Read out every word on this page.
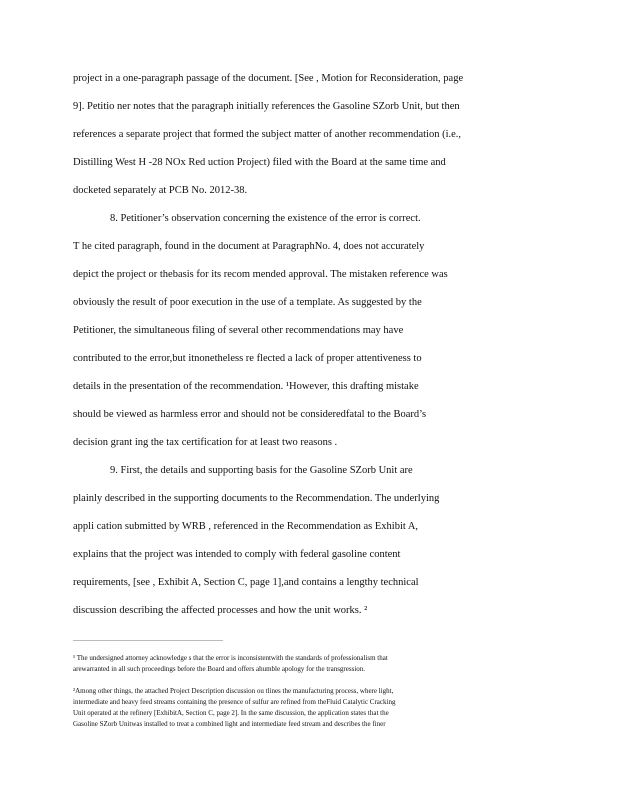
project in a one-paragraph passage of the document. [See , Motion for Reconsideration, page
9]. Petitio ner notes that the paragraph initially references the Gasoline SZorb Unit, but then
references a separate project that formed the subject matter of another recommendation (i.e.,
Distilling West H -28 NOx Red uction Project) filed with the Board at the same time and
docketed separately at PCB No. 2012-38.
8. Petitioner’s observation concerning the existence of the error is correct.
T he cited paragraph, found in the document at ParagraphNo. 4, does not accurately
depict the project or thebasis for its recom mended approval. The mistaken reference was
obviously the result of poor execution in the use of a template. As suggested by the
Petitioner, the simultaneous filing of several other recommendations may have
contributed to the error,but itnonetheless re flected a lack of proper attentiveness to
details in the presentation of the recommendation. ¹However, this drafting mistake
should be viewed as harmless error and should not be consideredfatal to the Board’s
decision grant ing the tax certification for at least two reasons .
9. First, the details and supporting basis for the Gasoline SZorb Unit are
plainly described in the supporting documents to the Recommendation. The underlying
appli cation submitted by WRB , referenced in the Recommendation as Exhibit A,
explains that the project was intended to comply with federal gasoline content
requirements, [see , Exhibit A, Section C, page 1],and contains a lengthy technical
discussion describing the affected processes and how the unit works. ²
¹ The undersigned attorney acknowledge s that the error is inconsistentwith the standards of professionalism that
arewarranted in all such proceedings before the Board and offers ahumble apology for the transgression.
²Among other things, the attached Project Description discussion ou tlines the manufacturing process, where light,
intermediate and heavy feed streams containing the presence of sulfur are refined from theFluid Catalytic Cracking
Unit operated at the refinery [ExhibitA, Section C, page 2]. In the same discussion, the application states that the
Gasoline SZorb Unitwas installed to treat a combined light and intermediate feed stream and describes the finer
